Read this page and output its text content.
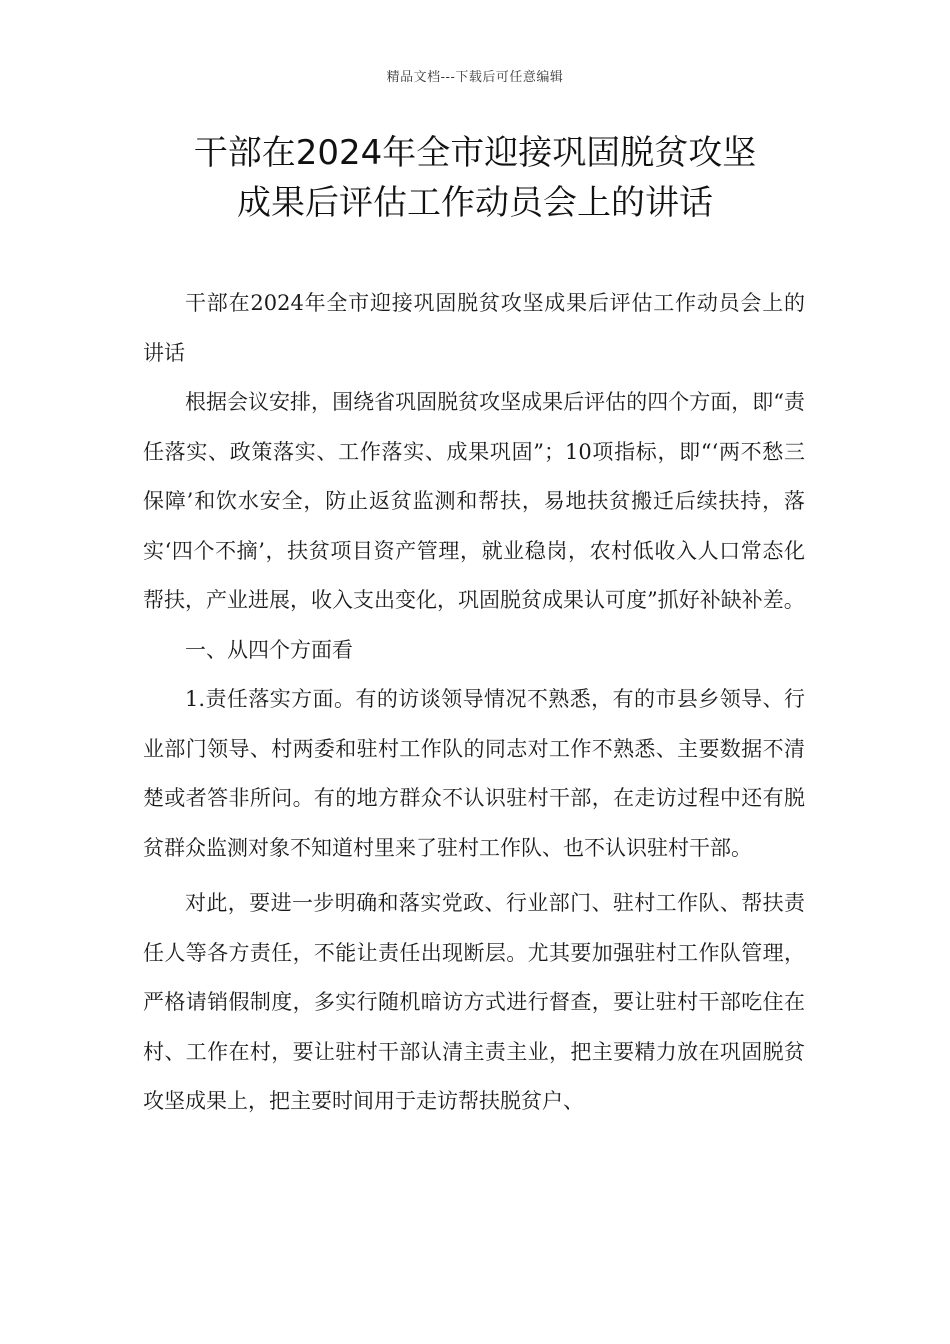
精品文档---下载后可任意编辑
干部在2024年全市迎接巩固脱贫攻坚
成果后评估工作动员会上的讲话

干部在2024年全市迎接巩固脱贫攻坚成果后评估工作动员会上的讲话

根据会议安排，围绕省巩固脱贫攻坚成果后评估的四个方面，即“责任落实、政策落实、工作落实、成果巩固”；10项指标，即“‘两不愁三保障’和饮水安全，防止返贫监测和帮扶，易地扶贫搬迁后续扶持，落实‘四个不摘’，扶贫项目资产管理，就业稳岗，农村低收入人口常态化帮扶，产业进展，收入支出变化，巩固脱贫成果认可度”抓好补缺补差。

一、从四个方面看

1.责任落实方面。有的访谈领导情况不熟悉，有的市县乡领导、行业部门领导、村两委和驻村工作队的同志对工作不熟悉、主要数据不清楚或者答非所问。有的地方群众不认识驻村干部，在走访过程中还有脱贫群众监测对象不知道村里来了驻村工作队、也不认识驻村干部。

对此，要进一步明确和落实党政、行业部门、驻村工作队、帮扶责任人等各方责任，不能让责任出现断层。尤其要加强驻村工作队管理，严格请销假制度，多实行随机暗访方式进行督查，要让驻村干部吃住在村、工作在村，要让驻村干部认清主责主业，把主要精力放在巩固脱贫攻坚成果上，把主要时间用于走访帮扶脱贫户、
